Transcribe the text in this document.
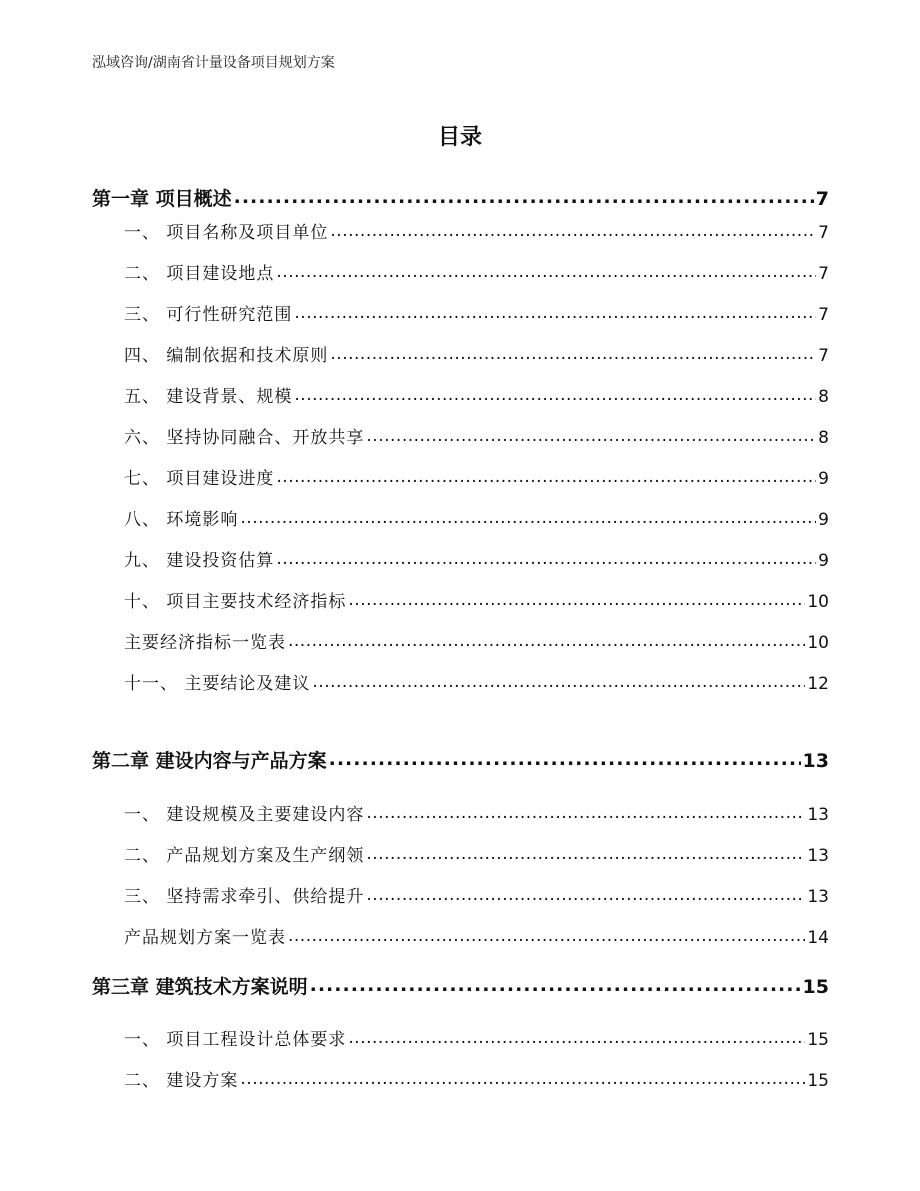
泓域咨询/湖南省计量设备项目规划方案
目录
第一章 项目概述 .....	7
一、 项目名称及项目单位 .....	7
二、 项目建设地点 .....	7
三、 可行性研究范围 .....	7
四、 编制依据和技术原则 .....	7
五、 建设背景、规模 .....	8
六、 坚持协同融合、开放共享 .....	8
七、 项目建设进度 .....	9
八、 环境影响 .....	9
九、 建设投资估算 .....	9
十、 项目主要技术经济指标 .....	10
主要经济指标一览表 .....	10
十一、 主要结论及建议 .....	12
第二章 建设内容与产品方案 .....	13
一、 建设规模及主要建设内容 .....	13
二、 产品规划方案及生产纲领 .....	13
三、 坚持需求牵引、供给提升 .....	13
产品规划方案一览表 .....	14
第三章 建筑技术方案说明 .....	15
一、 项目工程设计总体要求 .....	15
二、 建设方案 .....	15
